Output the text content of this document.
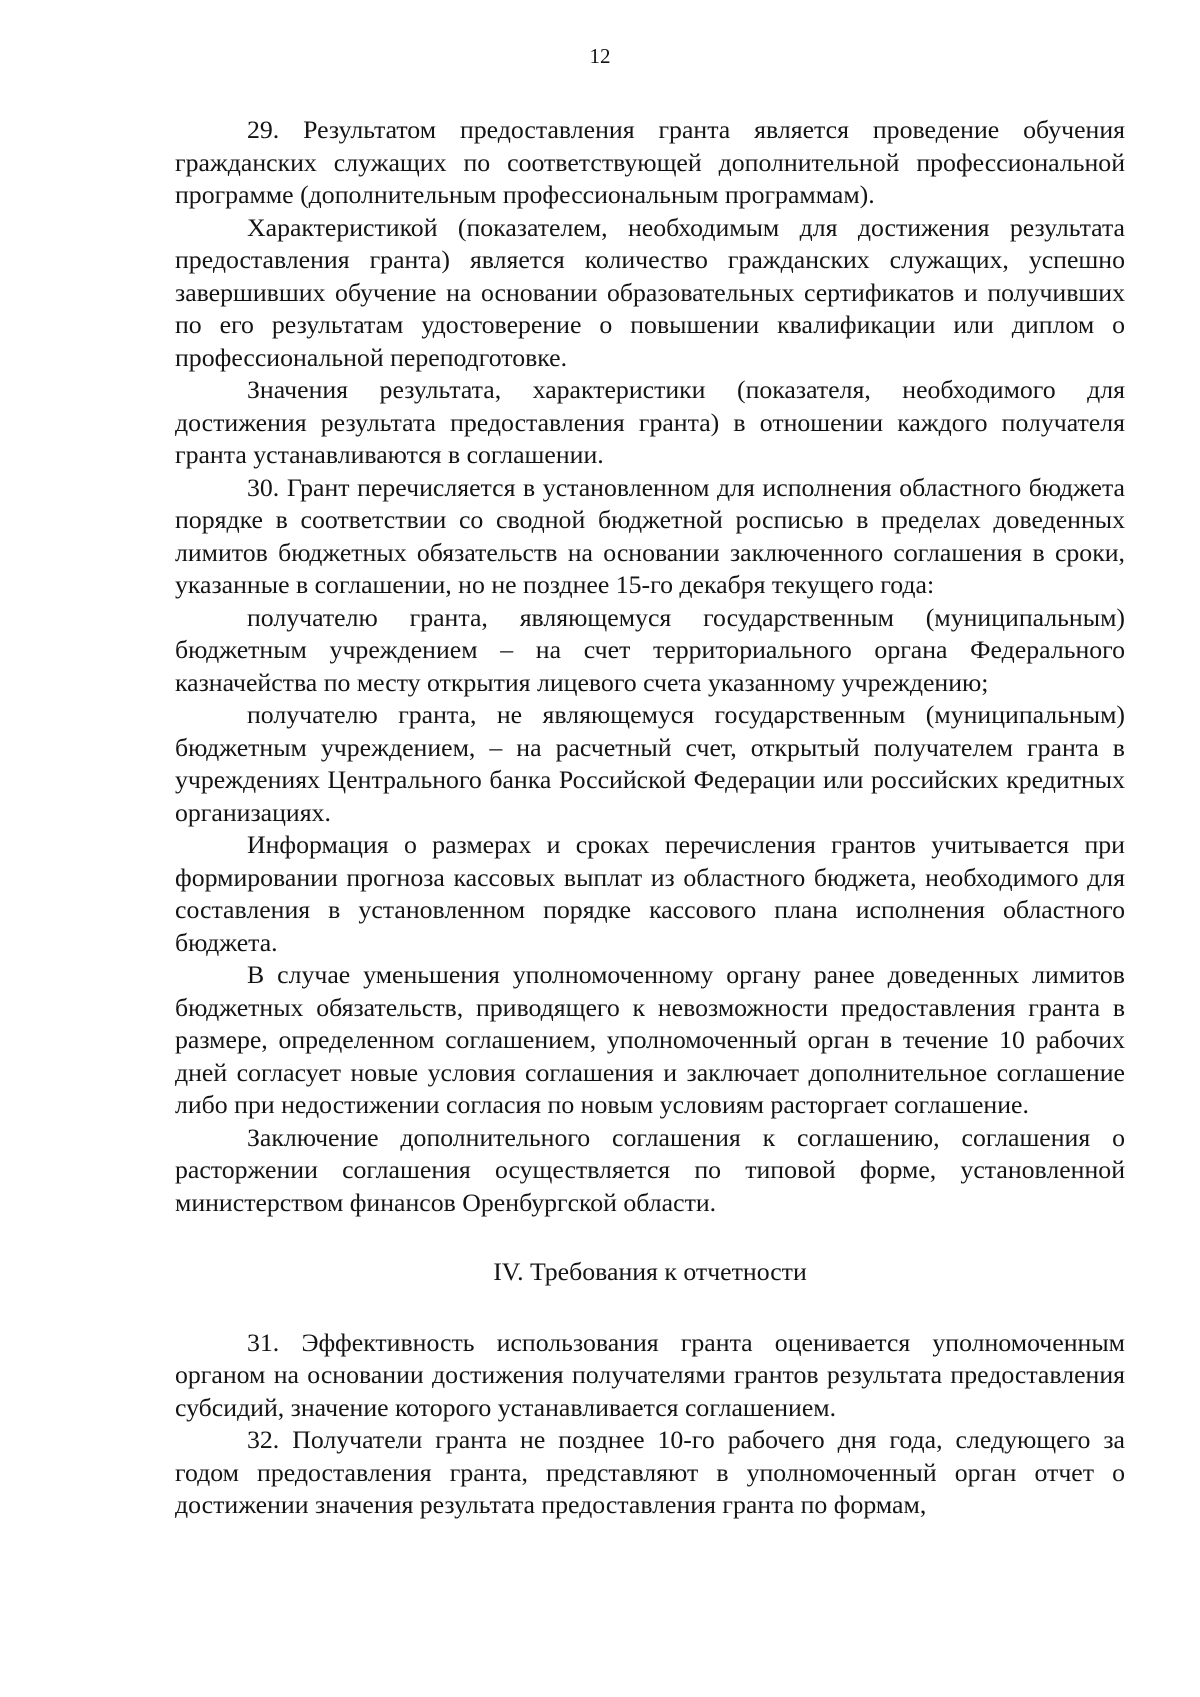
12

29. Результатом предоставления гранта является проведение обучения гражданских служащих по соответствующей дополнительной профессиональной программе (дополнительным профессиональным программам).

Характеристикой (показателем, необходимым для достижения результата предоставления гранта) является количество гражданских служащих, успешно завершивших обучение на основании образовательных сертификатов и получивших по его результатам удостоверение о повышении квалификации или диплом о профессиональной переподготовке.

Значения результата, характеристики (показателя, необходимого для достижения результата предоставления гранта) в отношении каждого получателя гранта устанавливаются в соглашении.

30. Грант перечисляется в установленном для исполнения областного бюджета порядке в соответствии со сводной бюджетной росписью в пределах доведенных лимитов бюджетных обязательств на основании заключенного соглашения в сроки, указанные в соглашении, но не позднее 15-го декабря текущего года:

получателю гранта, являющемуся государственным (муниципальным) бюджетным учреждением – на счет территориального органа Федерального казначейства по месту открытия лицевого счета указанному учреждению;

получателю гранта, не являющемуся государственным (муниципальным) бюджетным учреждением, – на расчетный счет, открытый получателем гранта в учреждениях Центрального банка Российской Федерации или российских кредитных организациях.

Информация о размерах и сроках перечисления грантов учитывается при формировании прогноза кассовых выплат из областного бюджета, необходимого для составления в установленном порядке кассового плана исполнения областного бюджета.

В случае уменьшения уполномоченному органу ранее доведенных лимитов бюджетных обязательств, приводящего к невозможности предоставления гранта в размере, определенном соглашением, уполномоченный орган в течение 10 рабочих дней согласует новые условия соглашения и заключает дополнительное соглашение либо при недостижении согласия по новым условиям расторгает соглашение.

Заключение дополнительного соглашения к соглашению, соглашения о расторжении соглашения осуществляется по типовой форме, установленной министерством финансов Оренбургской области.

IV. Требования к отчетности

31. Эффективность использования гранта оценивается уполномоченным органом на основании достижения получателями грантов результата предоставления субсидий, значение которого устанавливается соглашением.

32. Получатели гранта не позднее 10-го рабочего дня года, следующего за годом предоставления гранта, представляют в уполномоченный орган отчет о достижении значения результата предоставления гранта по формам,
